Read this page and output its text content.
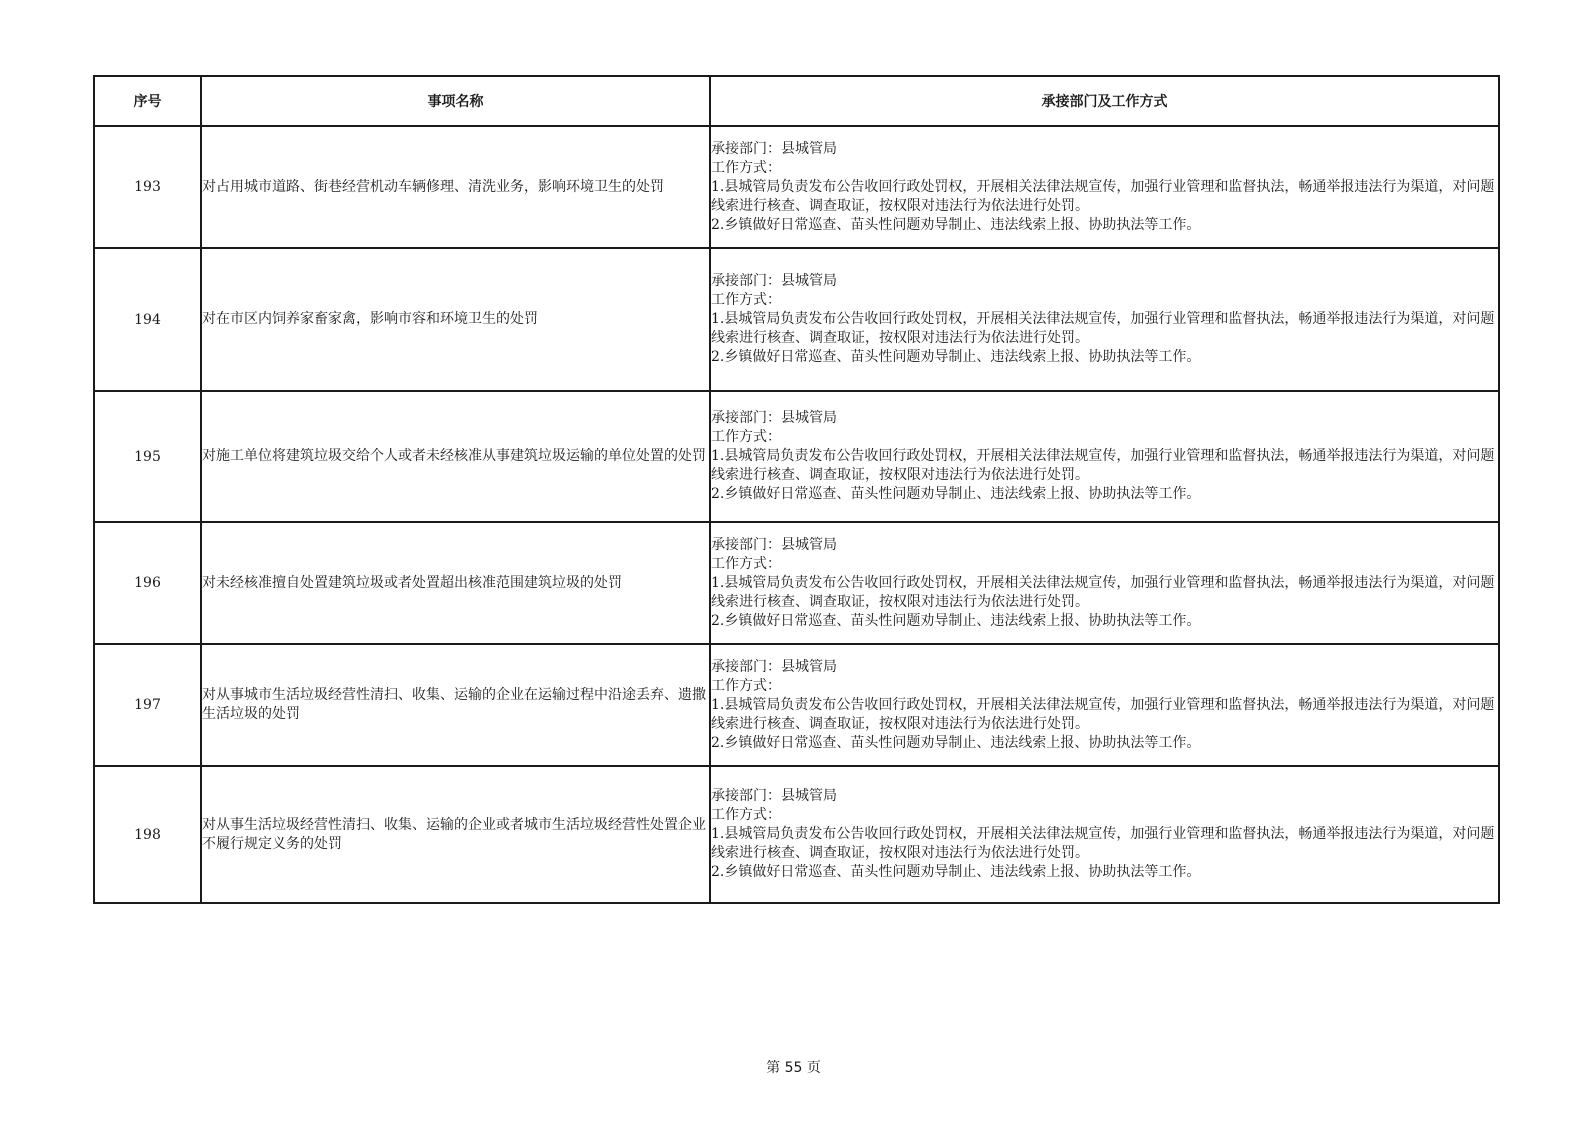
序号	事项名称	承接部门及工作方式
193	对占用城市道路、街巷经营机动车辆修理、清洗业务，影响环境卫生的处罚	承接部门：县城管局
工作方式：
1.县城管局负责发布公告收回行政处罚权，开展相关法律法规宣传，加强行业管理和监督执法，畅通举报违法行为渠道，对问题线索进行核查、调查取证，按权限对违法行为依法进行处罚。
2.乡镇做好日常巡查、苗头性问题劝导制止、违法线索上报、协助执法等工作。

194	对在市区内饲养家畜家禽，影响市容和环境卫生的处罚	承接部门：县城管局
工作方式：
1.县城管局负责发布公告收回行政处罚权，开展相关法律法规宣传，加强行业管理和监督执法，畅通举报违法行为渠道，对问题线索进行核查、调查取证，按权限对违法行为依法进行处罚。
2.乡镇做好日常巡查、苗头性问题劝导制止、违法线索上报、协助执法等工作。

195	对施工单位将建筑垃圾交给个人或者未经核准从事建筑垃圾运输的单位处置的处罚	承接部门：县城管局
工作方式：
1.县城管局负责发布公告收回行政处罚权，开展相关法律法规宣传，加强行业管理和监督执法，畅通举报违法行为渠道，对问题线索进行核查、调查取证，按权限对违法行为依法进行处罚。
2.乡镇做好日常巡查、苗头性问题劝导制止、违法线索上报、协助执法等工作。

196	对未经核准擅自处置建筑垃圾或者处置超出核准范围建筑垃圾的处罚	承接部门：县城管局
工作方式：
1.县城管局负责发布公告收回行政处罚权，开展相关法律法规宣传，加强行业管理和监督执法，畅通举报违法行为渠道，对问题线索进行核查、调查取证，按权限对违法行为依法进行处罚。
2.乡镇做好日常巡查、苗头性问题劝导制止、违法线索上报、协助执法等工作。

197	对从事城市生活垃圾经营性清扫、收集、运输的企业在运输过程中沿途丢弃、遗撒生活垃圾的处罚	承接部门：县城管局
工作方式：
1.县城管局负责发布公告收回行政处罚权，开展相关法律法规宣传，加强行业管理和监督执法，畅通举报违法行为渠道，对问题线索进行核查、调查取证，按权限对违法行为依法进行处罚。
2.乡镇做好日常巡查、苗头性问题劝导制止、违法线索上报、协助执法等工作。

198	对从事生活垃圾经营性清扫、收集、运输的企业或者城市生活垃圾经营性处置企业不履行规定义务的处罚	承接部门：县城管局
工作方式：
1.县城管局负责发布公告收回行政处罚权，开展相关法律法规宣传，加强行业管理和监督执法，畅通举报违法行为渠道，对问题线索进行核查、调查取证，按权限对违法行为依法进行处罚。
2.乡镇做好日常巡查、苗头性问题劝导制止、违法线索上报、协助执法等工作。
第 55 页
